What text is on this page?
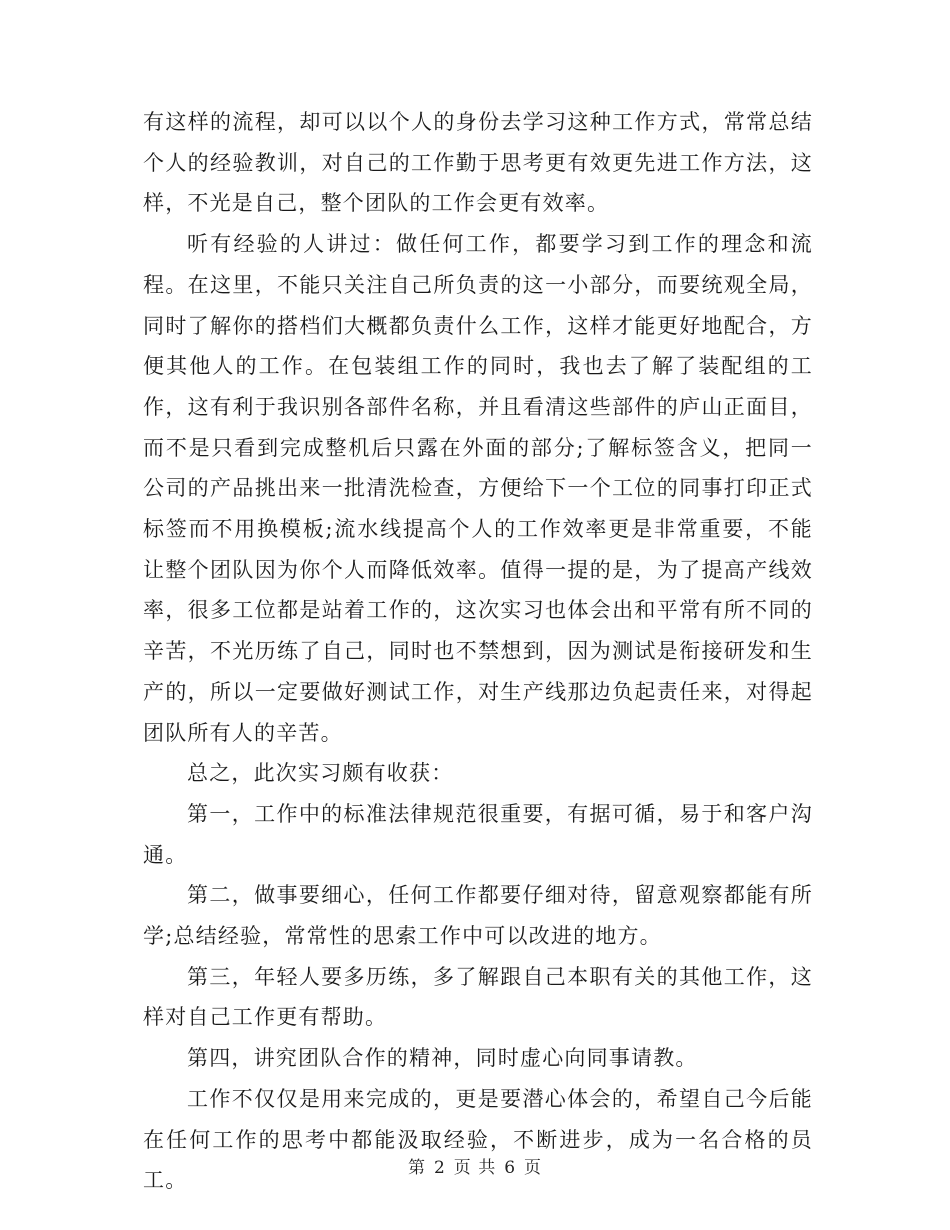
有这样的流程，却可以以个人的身份去学习这种工作方式，常常总结个人的经验教训，对自己的工作勤于思考更有效更先进工作方法，这样，不光是自己，整个团队的工作会更有效率。

听有经验的人讲过：做任何工作，都要学习到工作的理念和流程。在这里，不能只关注自己所负责的这一小部分，而要统观全局，同时了解你的搭档们大概都负责什么工作，这样才能更好地配合，方便其他人的工作。在包装组工作的同时，我也去了解了装配组的工作，这有利于我识别各部件名称，并且看清这些部件的庐山正面目，而不是只看到完成整机后只露在外面的部分;了解标签含义，把同一公司的产品挑出来一批清洗检查，方便给下一个工位的同事打印正式标签而不用换模板;流水线提高个人的工作效率更是非常重要，不能让整个团队因为你个人而降低效率。值得一提的是，为了提高产线效率，很多工位都是站着工作的，这次实习也体会出和平常有所不同的辛苦，不光历练了自己，同时也不禁想到，因为测试是衔接研发和生产的，所以一定要做好测试工作，对生产线那边负起责任来，对得起团队所有人的辛苦。

总之，此次实习颇有收获：

第一，工作中的标准法律规范很重要，有据可循，易于和客户沟通。

第二，做事要细心，任何工作都要仔细对待，留意观察都能有所学;总结经验，常常性的思索工作中可以改进的地方。

第三，年轻人要多历练，多了解跟自己本职有关的其他工作，这样对自己工作更有帮助。

第四，讲究团队合作的精神，同时虚心向同事请教。

工作不仅仅是用来完成的，更是要潜心体会的，希望自己今后能在任何工作的思考中都能汲取经验，不断进步，成为一名合格的员工。

第 2 页 共 6 页
